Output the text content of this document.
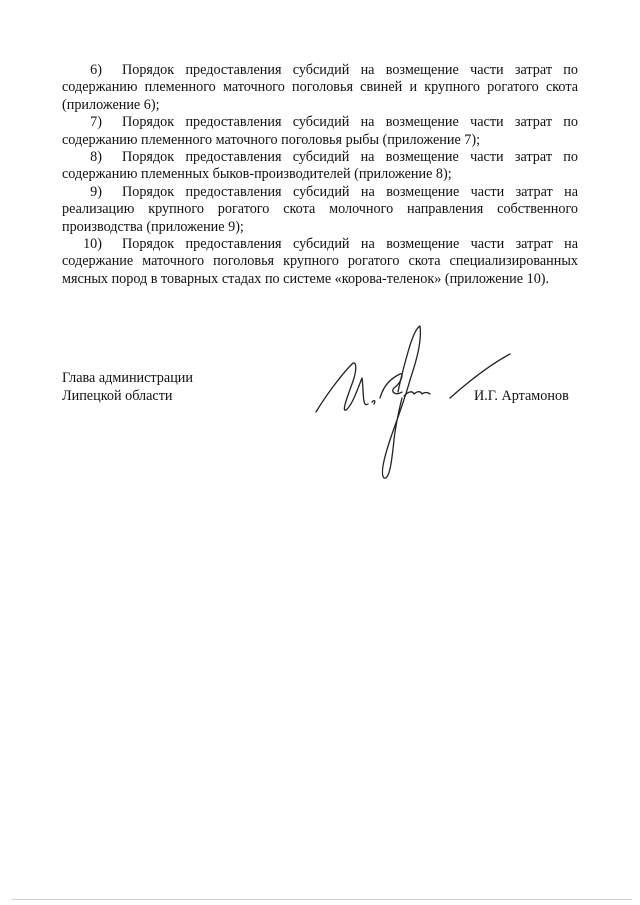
6) Порядок предоставления субсидий на возмещение части затрат по содержанию племенного маточного поголовья свиней и крупного рогатого скота (приложение 6);

7) Порядок предоставления субсидий на возмещение части затрат по содержанию племенного маточного поголовья рыбы (приложение 7);

8) Порядок предоставления субсидий на возмещение части затрат по содержанию племенных быков-производителей (приложение 8);

9) Порядок предоставления субсидий на возмещение части затрат на реализацию крупного рогатого скота молочного направления собственного производства (приложение 9);

10) Порядок предоставления субсидий на возмещение части затрат на содержание маточного поголовья крупного рогатого скота специализированных мясных пород в товарных стадах по системе «корова-теленок» (приложение 10).

Глава администрации
Липецкой области	И.Г. Артамонов
